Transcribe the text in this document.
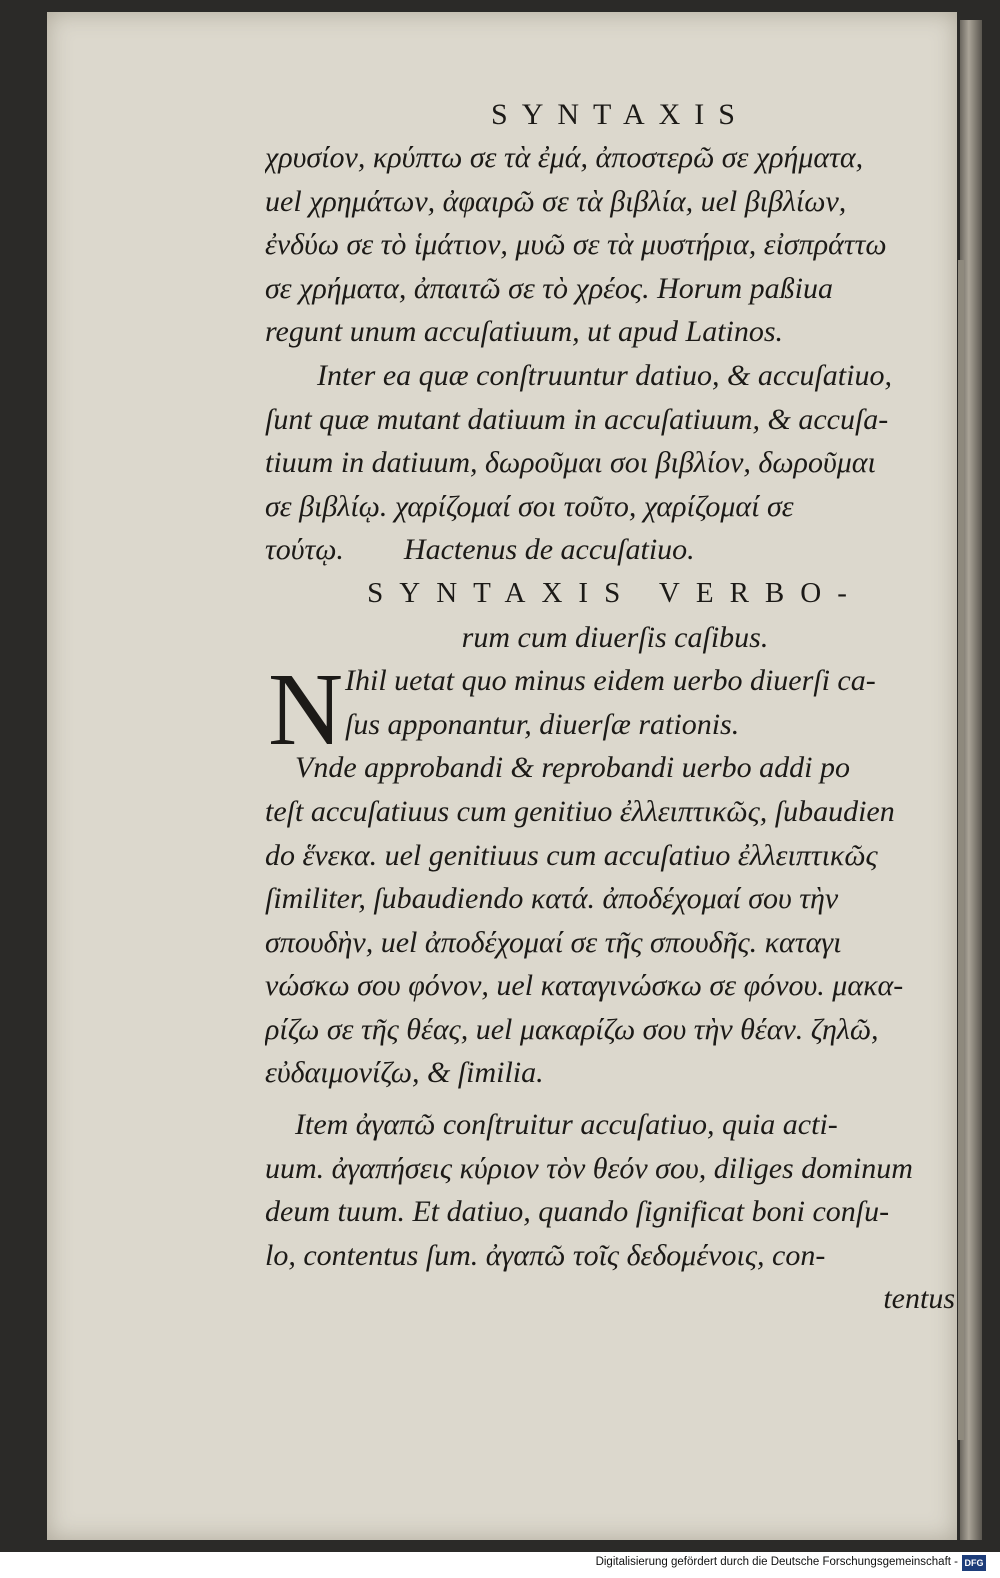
SYNTAXIS
χρυσίον, κρύπτω σε τὰ ἐμά, ἀποστερῶ σε χρήματα,
uel χρημάτων, ἀφαιρῶ σε τὰ βιβλία, uel βιβλίων,
ἐνδύω σε τὸ ἱμάτιον, μυῶ σε τὰ μυστήρια, εἰσπράττω
σε χρήματα, ἀπαιτῶ σε τὸ χρέος. Horum paßiua
regunt unum accuſatiuum, ut apud Latinos.
Inter ea quæ conſtruuntur datiuo, & accuſatiuo,
ſunt quæ mutant datiuum in accuſatiuum, & accuſa-
tiuum in datiuum, δωροῦμαι σοι βιβλίον, δωροῦμαι
σε βιβλίῳ. χαρίζομαί σοι τοῦτο, χαρίζομαί σε
τούτῳ.        Hactenus de accuſatiuo.
SYNTAXIS VERBO-
rum cum diuerſis caſibus.
N Ihil uetat quo minus eidem uerbo diuerſi ca-
ſus apponantur, diuerſæ rationis.
Vnde approbandi & reprobandi uerbo addi po
teſt accuſatiuus cum genitiuo ἐλλειπτικῶς, ſubaudien
do ἕνεκα. uel genitiuus cum accuſatiuo ἐλλειπτικῶς
ſimiliter, ſubaudiendo κατά. ἀποδέχομαί σου τὴν
σπουδὴν, uel ἀποδέχομαί σε τῆς σπουδῆς. καταγι
νώσκω σου φόνον, uel καταγινώσκω σε φόνου. μακα-
ρίζω σε τῆς θέας, uel μακαρίζω σου τὴν θέαν. ζηλῶ,
εὐδαιμονίζω, & ſimilia.
Item ἀγαπῶ conſtruitur accuſatiuo, quia acti-
uum. ἀγαπήσεις κύριον τὸν θεόν σου, diliges dominum
deum tuum. Et datiuo, quando ſignificat boni conſu-
lo, contentus ſum. ἀγαπῶ τοῖς δεδομένοις, con-
tentus
Digitalisierung gefördert durch die Deutsche Forschungsgemeinschaft - DFG
